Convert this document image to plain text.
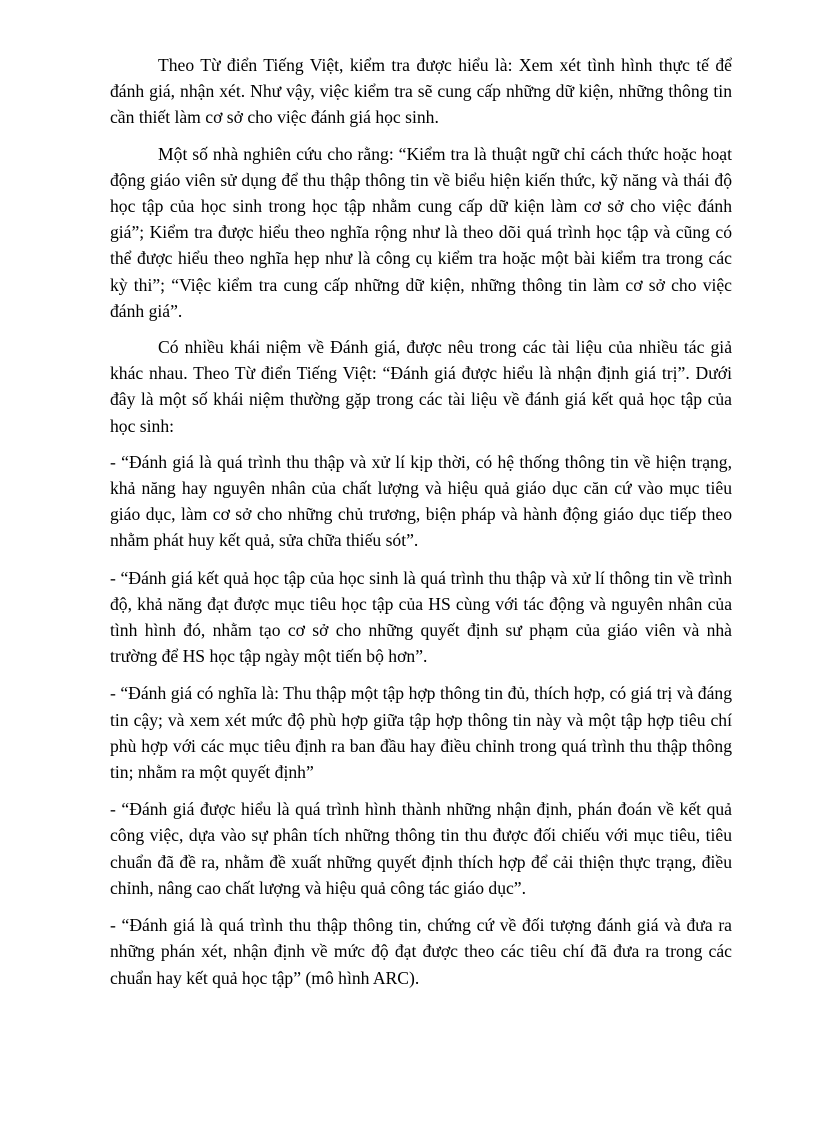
Theo Từ điển Tiếng Việt, kiểm tra được hiểu là: Xem xét tình hình thực tế để đánh giá, nhận xét. Như vậy, việc kiểm tra sẽ cung cấp những dữ kiện, những thông tin cần thiết làm cơ sở cho việc đánh giá học sinh.

Một số nhà nghiên cứu cho rằng: “Kiểm tra là thuật ngữ chỉ cách thức hoặc hoạt động giáo viên sử dụng để thu thập thông tin về biểu hiện kiến thức, kỹ năng và thái độ học tập của học sinh trong học tập nhằm cung cấp dữ kiện làm cơ sở cho việc đánh giá”; Kiểm tra được hiểu theo nghĩa rộng như là theo dõi quá trình học tập và cũng có thể được hiểu theo nghĩa hẹp như là công cụ kiểm tra hoặc một bài kiểm tra trong các kỳ thi”; “Việc kiểm tra cung cấp những dữ kiện, những thông tin làm cơ sở cho việc đánh giá”.

Có nhiều khái niệm về Đánh giá, được nêu trong các tài liệu của nhiều tác giả khác nhau. Theo Từ điển Tiếng Việt: “Đánh giá được hiểu là nhận định giá trị”. Dưới đây là một số khái niệm thường gặp trong các tài liệu về đánh giá kết quả học tập của học sinh:

- “Đánh giá là quá trình thu thập và xử lí kịp thời, có hệ thống thông tin về hiện trạng, khả năng hay nguyên nhân của chất lượng và hiệu quả giáo dục căn cứ vào mục tiêu giáo dục, làm cơ sở cho những chủ trương, biện pháp và hành động giáo dục tiếp theo nhằm phát huy kết quả, sửa chữa thiếu sót”.

- “Đánh giá kết quả học tập của học sinh là quá trình thu thập và xử lí thông tin về trình độ, khả năng đạt được mục tiêu học tập của HS cùng với tác động và nguyên nhân của tình hình đó, nhằm tạo cơ sở cho những quyết định sư phạm của giáo viên và nhà trường để HS học tập ngày một tiến bộ hơn”.

- “Đánh giá có nghĩa là: Thu thập một tập hợp thông tin đủ, thích hợp, có giá trị và đáng tin cậy; và xem xét mức độ phù hợp giữa tập hợp thông tin này và một tập hợp tiêu chí phù hợp với các mục tiêu định ra ban đầu hay điều chỉnh trong quá trình thu thập thông tin; nhằm ra một quyết định”

- “Đánh giá được hiểu là quá trình hình thành những nhận định, phán đoán về kết quả công việc, dựa vào sự phân tích những thông tin thu được đối chiếu với mục tiêu, tiêu chuẩn đã đề ra, nhằm đề xuất những quyết định thích hợp để cải thiện thực trạng, điều chỉnh, nâng cao chất lượng và hiệu quả công tác giáo dục”.

- “Đánh giá là quá trình thu thập thông tin, chứng cứ về đối tượng đánh giá và đưa ra những phán xét, nhận định về mức độ đạt được theo các tiêu chí đã đưa ra trong các chuẩn hay kết quả học tập” (mô hình ARC).
